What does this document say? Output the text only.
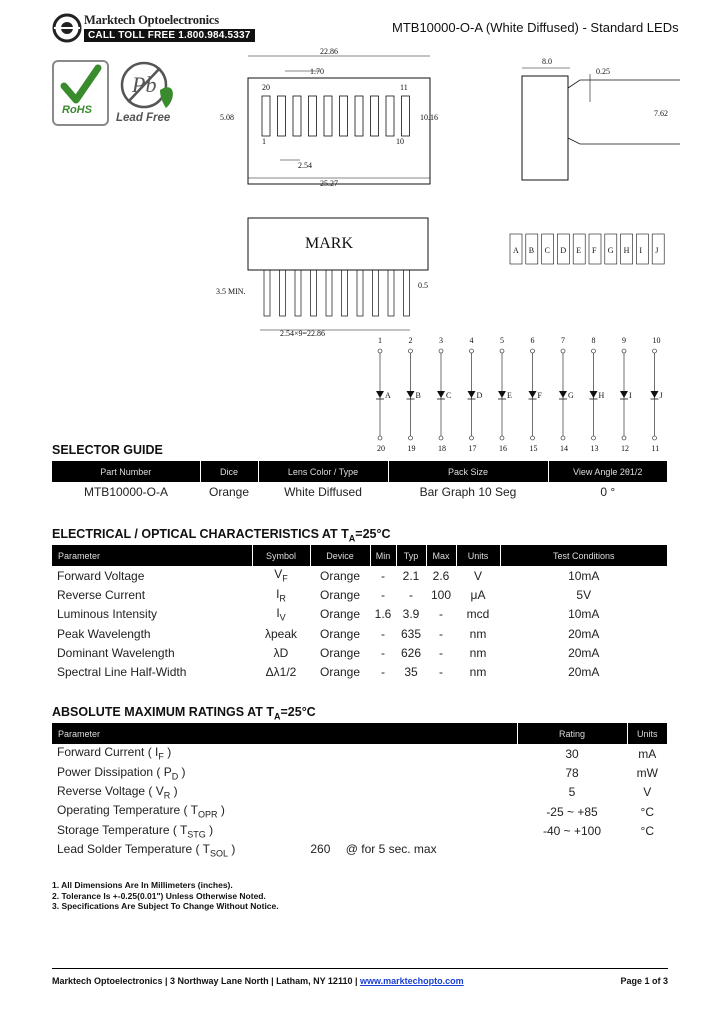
Marktech Optoelectronics
CALL TOLL FREE 1.800.984.5337
MTB10000-O-A (White Diffused) - Standard LEDs
RoHS
Pb
Lead Free
22.86
1.70
20	11
1	10
5.08	10.16
2.54
25.27
8.0
0.25
7.62
MARK
3.5 MIN.
0.5
2.54×9=22.86
A B C D E F G H I J
1
A
20
2
B
19
3
C
18
4
D
17
5
E
16
6
F
15
7
G
14
8
H
13
9
I
12
10
J
11
SELECTOR GUIDE
Part Number	Dice	Lens Color / Type	Pack Size	View Angle 2θ1/2
MTB10000-O-A	Orange	White Diffused	Bar Graph 10 Seg	0 °
ELECTRICAL / OPTICAL CHARACTERISTICS AT $T_A=25^\circ C$
Parameter	Symbol	Device	Min	Typ	Max	Units	Test Conditions
Forward Voltage	$V_F$	Orange	-	2.1	2.6	V	10mA
Reverse Current	$I_R$	Orange	-	-	100	μA	5V
Luminous Intensity	$I_V$	Orange	1.6	3.9	-	mcd	10mA
Peak Wavelength	λpeak	Orange	-	635	-	nm	20mA
Dominant Wavelength	λD	Orange	-	626	-	nm	20mA
Spectral Line Half-Width	Δλ1/2	Orange	-	35	-	nm	20mA
ABSOLUTE MAXIMUM RATINGS AT $T_A=25^\circ C$
Parameter	Rating	Units
Forward Current ( $I_F$ )	30	mA
Power Dissipation ( $P_D$ )	78	mW
Reverse Voltage ( $V_R$ )	5	V
Operating Temperature ( $T_{OPR}$ )	-25 ~ +85	°C
Storage Temperature ( $T_{STG}$ )	-40 ~ +100	°C
Lead Solder Temperature ( $T_{SOL}$ ) 260 @ for 5 sec. max		
1. All Dimensions Are In Millimeters (inches).
2. Tolerance Is +-0.25(0.01") Unless Otherwise Noted.
3. Specifications Are Subject To Change Without Notice.
Marktech Optoelectronics | 3 Northway Lane North | Latham, NY 12110 | www.marktechopto.com	Page 1 of 3
